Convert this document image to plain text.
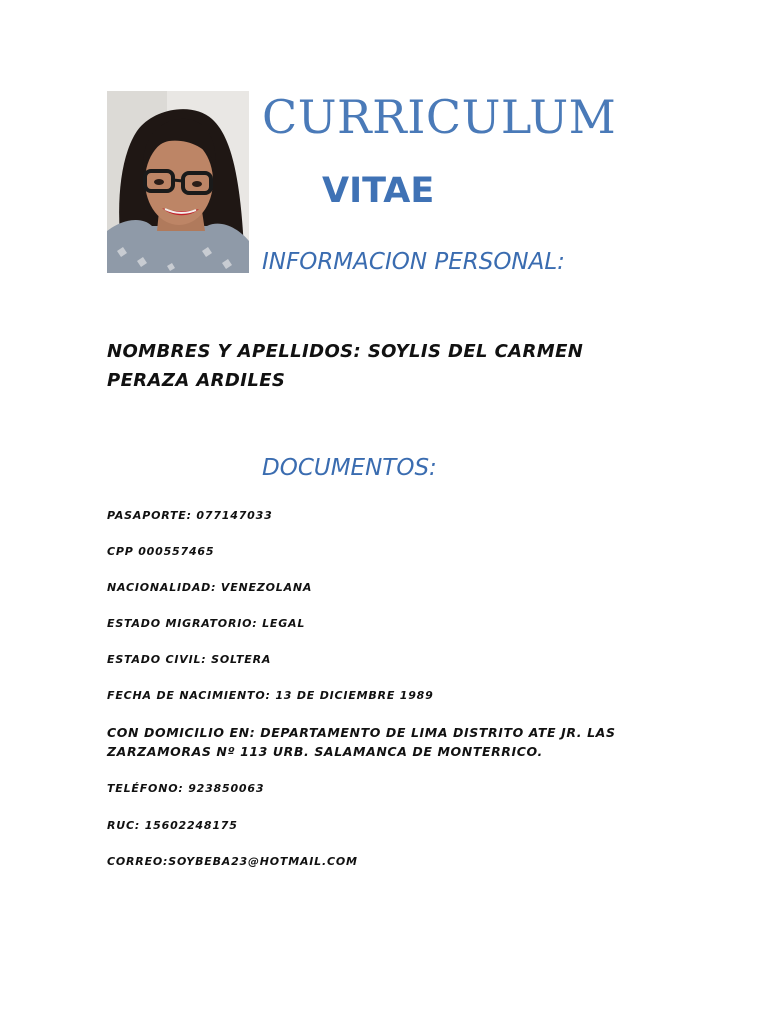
CURRICULUM
VITAE
INFORMACION PERSONAL:
NOMBRES Y APELLIDOS: SOYLIS DEL CARMEN
PERAZA ARDILES
DOCUMENTOS:
PASAPORTE: 077147033
CPP 000557465
NACIONALIDAD: VENEZOLANA
ESTADO MIGRATORIO: LEGAL
ESTADO CIVIL: SOLTERA
FECHA DE NACIMIENTO: 13 DE DICIEMBRE 1989
CON DOMICILIO EN: DEPARTAMENTO DE LIMA DISTRITO ATE JR. LAS
ZARZAMORAS Nº 113 URB. SALAMANCA DE MONTERRICO.
TELÉFONO: 923850063
RUC: 15602248175
CORREO:SOYBEBA23@HOTMAIL.COM
